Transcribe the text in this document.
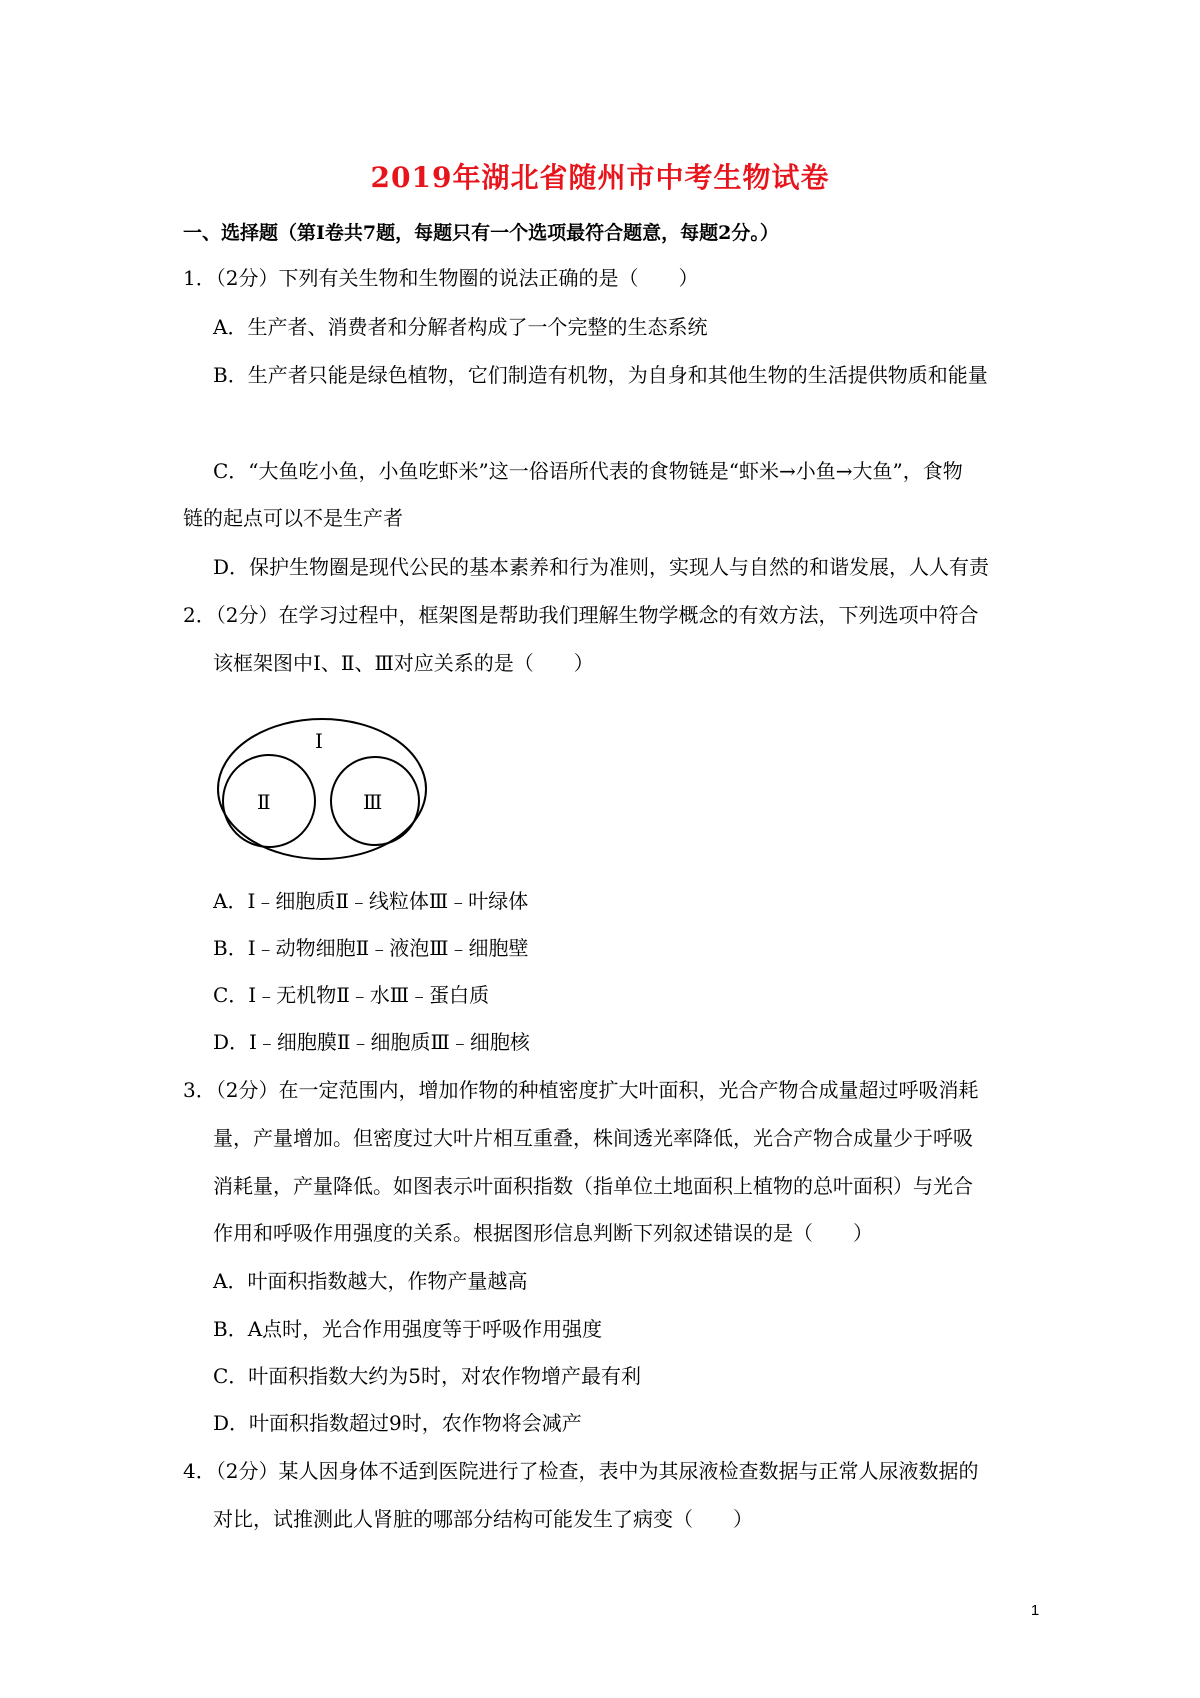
2019年湖北省随州市中考生物试卷
一、选择题（第Ⅰ卷共7题，每题只有一个选项最符合题意，每题2分。）
1．（2分）下列有关生物和生物圈的说法正确的是（　　）
A．生产者、消费者和分解者构成了一个完整的生态系统
B．生产者只能是绿色植物，它们制造有机物，为自身和其他生物的生活提供物质和能量
C．“大鱼吃小鱼，小鱼吃虾米”这一俗语所代表的食物链是“虾米→小鱼→大鱼”，食物
链的起点可以不是生产者
D．保护生物圈是现代公民的基本素养和行为准则，实现人与自然的和谐发展，人人有责
2．（2分）在学习过程中，框架图是帮助我们理解生物学概念的有效方法，下列选项中符合
该框架图中Ⅰ、Ⅱ、Ⅲ对应关系的是（　　）
Ⅰ
Ⅱ	Ⅲ
A．Ⅰ﹣细胞质Ⅱ﹣线粒体Ⅲ﹣叶绿体
B．Ⅰ﹣动物细胞Ⅱ﹣液泡Ⅲ﹣细胞壁
C．Ⅰ﹣无机物Ⅱ﹣水Ⅲ﹣蛋白质
D．Ⅰ﹣细胞膜Ⅱ﹣细胞质Ⅲ﹣细胞核
3．（2分）在一定范围内，增加作物的种植密度扩大叶面积，光合产物合成量超过呼吸消耗
量，产量增加。但密度过大叶片相互重叠，株间透光率降低，光合产物合成量少于呼吸
消耗量，产量降低。如图表示叶面积指数（指单位土地面积上植物的总叶面积）与光合
作用和呼吸作用强度的关系。根据图形信息判断下列叙述错误的是（　　）
A．叶面积指数越大，作物产量越高
B．A点时，光合作用强度等于呼吸作用强度
C．叶面积指数大约为5时，对农作物增产最有利
D．叶面积指数超过9时，农作物将会减产
4．（2分）某人因身体不适到医院进行了检查，表中为其尿液检查数据与正常人尿液数据的
对比，试推测此人肾脏的哪部分结构可能发生了病变（　　）
1
